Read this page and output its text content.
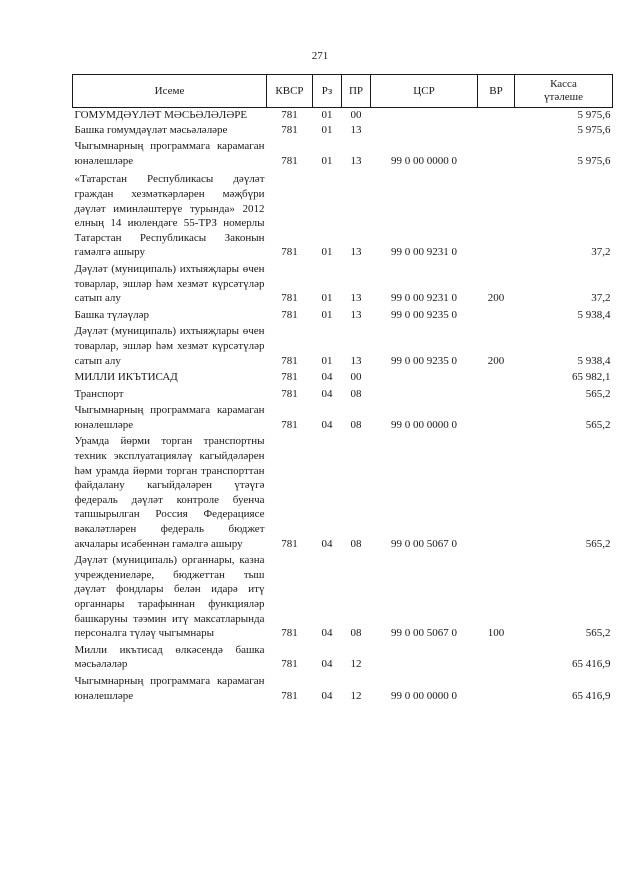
271
Исеме	КВСР	Рз	ПР	ЦСР	ВР	Касса
үтәлеше
ГОМУМДӘҮЛӘТ МӘСЬӘЛӘЛӘРЕ	781	01	00			5 975,6
Башка гомумдәүләт мәсьәләләре	781	01	13			5 975,6
Чыгымнарның программага карамаган юнәлешләре	781	01	13	99 0 00 0000 0		5 975,6
«Татарстан Республикасы дәүләт граждан хезмәткәрләрен мәҗбүри дәүләт иминләштерүе турында» 2012 елның 14 июлендәге 55-ТРЗ номерлы Татарстан Республикасы Законын гамәлгә ашыру	781	01	13	99 0 00 9231 0		37,2
Дәүләт (муниципаль) ихтыяҗлары өчен товарлар, эшләр һәм хезмәт күрсәтүләр сатып алу	781	01	13	99 0 00 9231 0	200	37,2
Башка түләүләр	781	01	13	99 0 00 9235 0		5 938,4
Дәүләт (муниципаль) ихтыяҗлары өчен товарлар, эшләр һәм хезмәт күрсәтүләр сатып алу	781	01	13	99 0 00 9235 0	200	5 938,4
МИЛЛИ ИКЪТИСАД	781	04	00			65 982,1
Транспорт	781	04	08			565,2
Чыгымнарның программага карамаган юнәлешләре	781	04	08	99 0 00 0000 0		565,2
Урамда йөрми торган транспортны техник эксплуатацияләү кагыйдәләрен һәм урамда йөрми торган транспорттан файдалану кагыйдәләрен үтәүгә федераль дәүләт контроле буенча тапшырылган Россия Федерациясе вәкаләтләрен федераль бюджет акчалары исәбеннән гамәлгә ашыру	781	04	08	99 0 00 5067 0		565,2
Дәүләт (муниципаль) органнары, казна учреждениеләре, бюджеттан тыш дәүләт фондлары белән идарә итү органнары тарафыннан функцияләр башкаруны тәэмин итү максатларында персоналга түләү чыгымнары	781	04	08	99 0 00 5067 0	100	565,2
Милли икътисад өлкәсендә башка мәсьәләләр	781	04	12			65 416,9
Чыгымнарның программага карамаган юнәлешләре	781	04	12	99 0 00 0000 0		65 416,9
